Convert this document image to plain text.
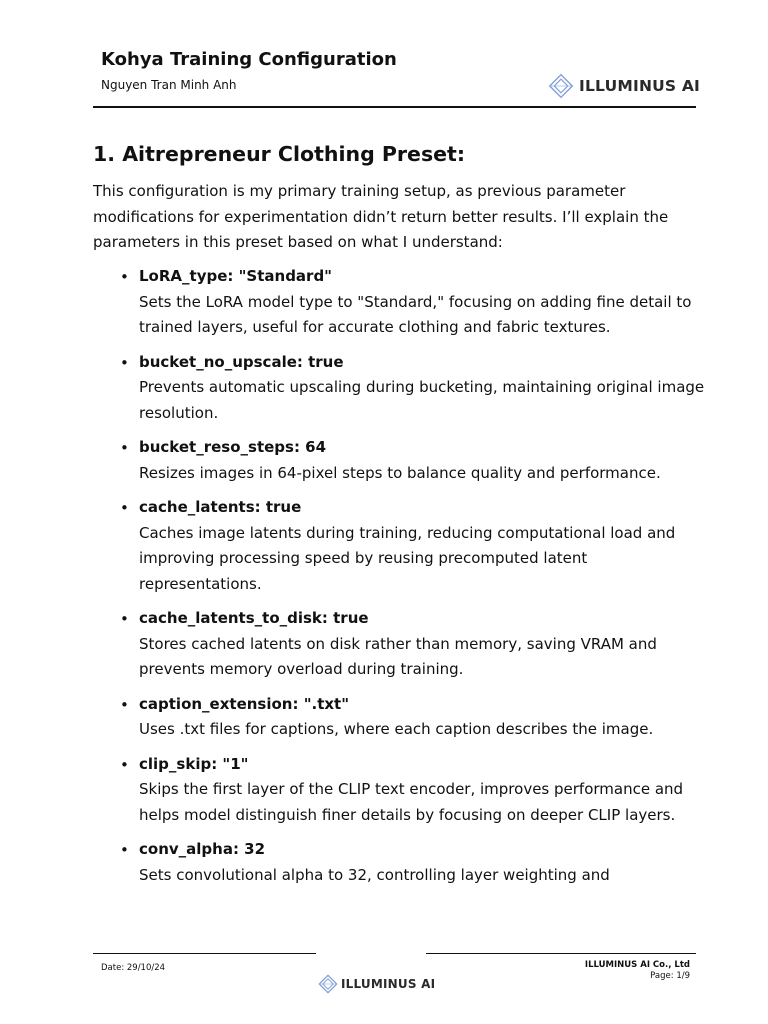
Kohya Training Configuration
Nguyen Tran Minh Anh	ILLUMINUS AI
1. Aitrepreneur Clothing Preset:
This configuration is my primary training setup, as previous parameter modifications for experimentation didn’t return better results. I’ll explain the parameters in this preset based on what I understand:
• LoRA_type: "Standard"
Sets the LoRA model type to "Standard," focusing on adding fine detail to trained layers, useful for accurate clothing and fabric textures.
• bucket_no_upscale: true
Prevents automatic upscaling during bucketing, maintaining original image resolution.
• bucket_reso_steps: 64
Resizes images in 64-pixel steps to balance quality and performance.
• cache_latents: true
Caches image latents during training, reducing computational load and improving processing speed by reusing precomputed latent representations.
• cache_latents_to_disk: true
Stores cached latents on disk rather than memory, saving VRAM and prevents memory overload during training.
• caption_extension: ".txt"
Uses .txt files for captions, where each caption describes the image.
• clip_skip: "1"
Skips the first layer of the CLIP text encoder, improves performance and helps model distinguish finer details by focusing on deeper CLIP layers.
• conv_alpha: 32
Sets convolutional alpha to 32, controlling layer weighting and
Date: 29/10/24	ILLUMINUS AI Co., Ltd
Page: 1/9
ILLUMINUS AI
